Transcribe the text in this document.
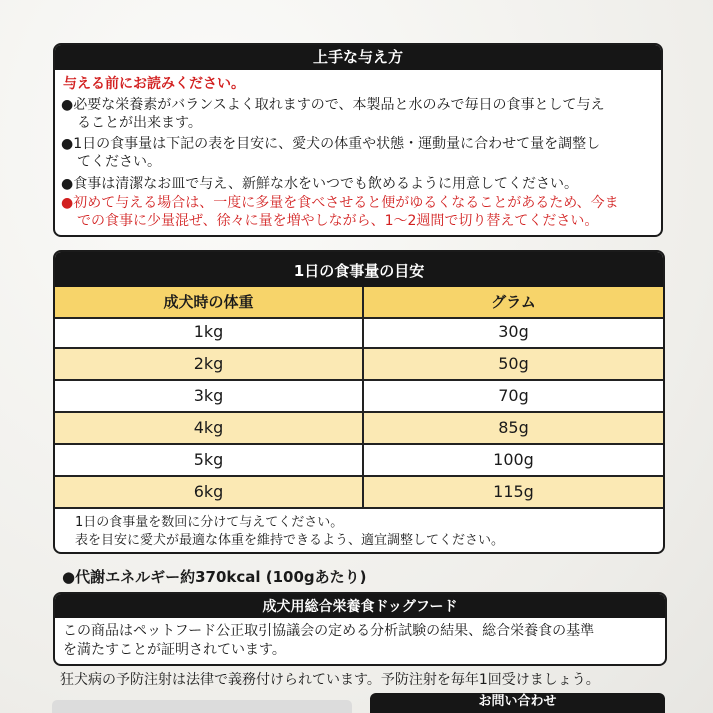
上手な与え方
与える前にお読みください。
●必要な栄養素がバランスよく取れますので、本製品と水のみで毎日の食事として与え
ることが出来ます。
●1日の食事量は下記の表を目安に、愛犬の体重や状態・運動量に合わせて量を調整し
てください。
●食事は清潔なお皿で与え、新鮮な水をいつでも飲めるように用意してください。
●初めて与える場合は、一度に多量を食べさせると便がゆるくなることがあるため、今ま
での食事に少量混ぜ、徐々に量を増やしながら、1～2週間で切り替えてください。
1日の食事量の目安
成犬時の体重	グラム
1kg	30g
2kg	50g
3kg	70g
4kg	85g
5kg	100g
6kg	115g
1日の食事量を数回に分けて与えてください。
表を目安に愛犬が最適な体重を維持できるよう、適宜調整してください。
●代謝エネルギー約370kcal (100gあたり)
成犬用総合栄養食ドッグフード
この商品はペットフード公正取引協議会の定める分析試験の結果、総合栄養食の基準
を満たすことが証明されています。
狂犬病の予防注射は法律で義務付けられています。予防注射を毎年1回受けましょう。
お問い合わせ
